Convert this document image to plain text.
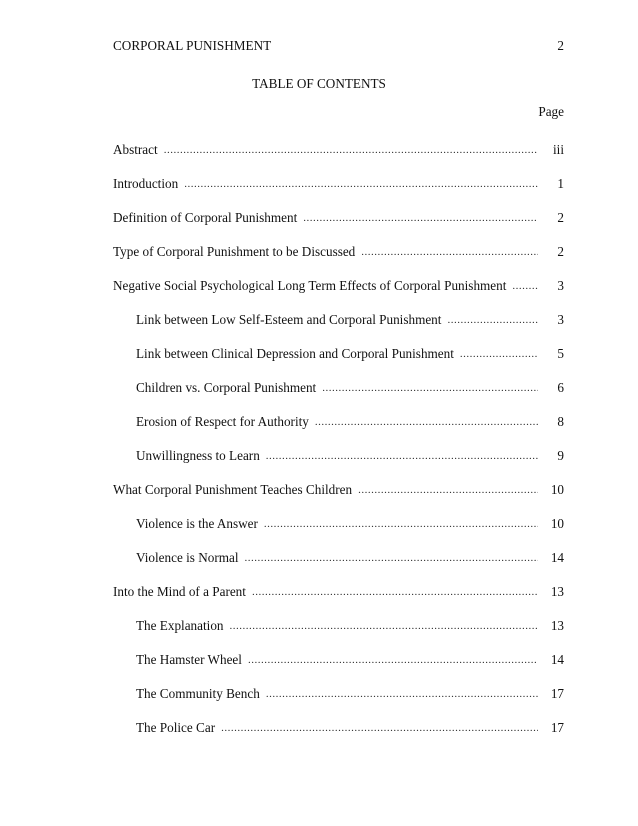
CORPORAL PUNISHMENT	2
TABLE OF CONTENTS
Page
Abstract .....	iii
Introduction .....	1
Definition of Corporal Punishment .....	2
Type of Corporal Punishment to be Discussed .....	2
Negative Social Psychological Long Term Effects of Corporal Punishment .....	3
Link between Low Self-Esteem and Corporal Punishment .....	3
Link between Clinical Depression and Corporal Punishment .....	5
Children vs. Corporal Punishment .....	6
Erosion of Respect for Authority .....	8
Unwillingness to Learn .....	9
What Corporal Punishment Teaches Children .....	10
Violence is the Answer .....	10
Violence is Normal .....	14
Into the Mind of a Parent .....	13
The Explanation .....	13
The Hamster Wheel .....	14
The Community Bench .....	17
The Police Car .....	17
